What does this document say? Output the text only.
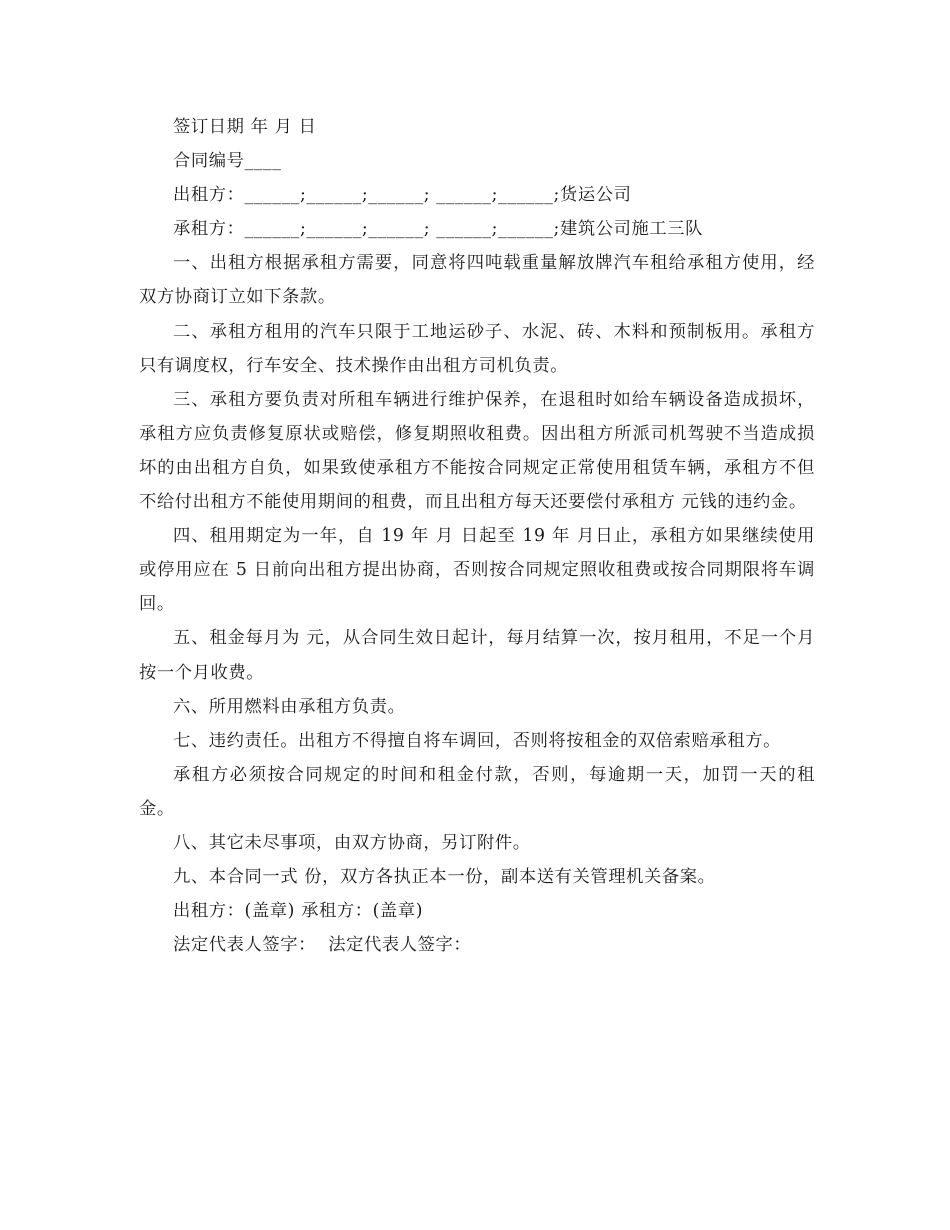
签订日期 年 月 日

合同编号____

出租方：______;______;______; ______;______;货运公司

承租方：______;______;______; ______;______;建筑公司施工三队

一、出租方根据承租方需要，同意将四吨载重量解放牌汽车租给承租方使用，经双方协商订立如下条款。

二、承租方租用的汽车只限于工地运砂子、水泥、砖、木料和预制板用。承租方只有调度权，行车安全、技术操作由出租方司机负责。

三、承租方要负责对所租车辆进行维护保养，在退租时如给车辆设备造成损坏，承租方应负责修复原状或赔偿，修复期照收租费。因出租方所派司机驾驶不当造成损坏的由出租方自负，如果致使承租方不能按合同规定正常使用租赁车辆，承租方不但不给付出租方不能使用期间的租费，而且出租方每天还要偿付承租方 元钱的违约金。

四、租用期定为一年，自 19 年 月 日起至 19 年 月日止，承租方如果继续使用或停用应在 5 日前向出租方提出协商，否则按合同规定照收租费或按合同期限将车调回。

五、租金每月为 元，从合同生效日起计，每月结算一次，按月租用，不足一个月按一个月收费。

六、所用燃料由承租方负责。

七、违约责任。出租方不得擅自将车调回，否则将按租金的双倍索赔承租方。

承租方必须按合同规定的时间和租金付款，否则，每逾期一天，加罚一天的租金。

八、其它未尽事项，由双方协商，另订附件。

九、本合同一式 份，双方各执正本一份，副本送有关管理机关备案。

出租方：(盖章) 承租方：(盖章)

法定代表人签字：  法定代表人签字：
